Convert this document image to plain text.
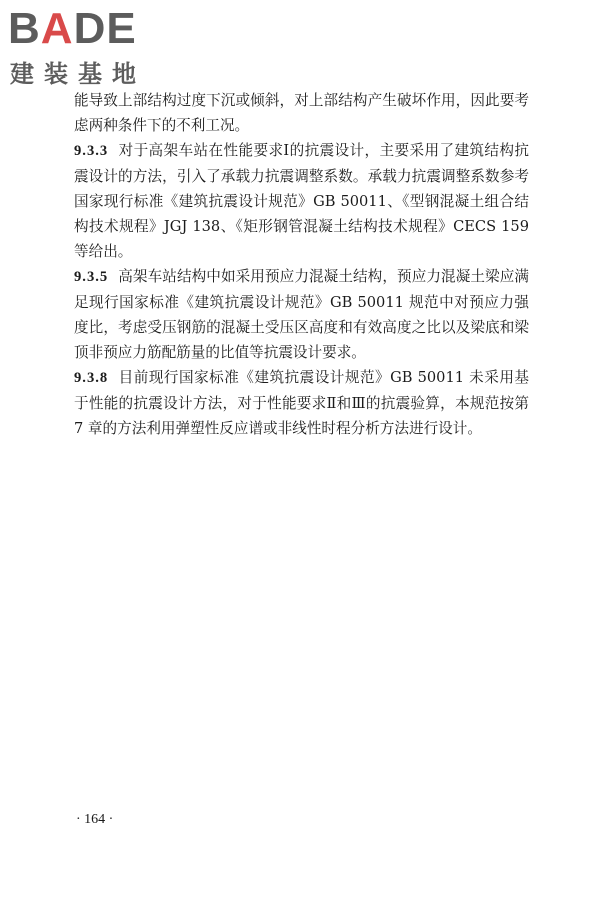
BADE
建装基地

能导致上部结构过度下沉或倾斜，对上部结构产生破坏作用，因此要考虑两种条件下的不利工况。

9.3.3 对于高架车站在性能要求Ⅰ的抗震设计，主要采用了建筑结构抗震设计的方法，引入了承载力抗震调整系数。承载力抗震调整系数参考国家现行标准《建筑抗震设计规范》GB 50011、《型钢混凝土组合结构技术规程》JGJ 138、《矩形钢管混凝土结构技术规程》CECS 159 等给出。

9.3.5 高架车站结构中如采用预应力混凝土结构，预应力混凝土梁应满足现行国家标准《建筑抗震设计规范》GB 50011 规范中对预应力强度比，考虑受压钢筋的混凝土受压区高度和有效高度之比以及梁底和梁顶非预应力筋配筋量的比值等抗震设计要求。

9.3.8 目前现行国家标准《建筑抗震设计规范》GB 50011 未采用基于性能的抗震设计方法，对于性能要求Ⅱ和Ⅲ的抗震验算，本规范按第 7 章的方法利用弹塑性反应谱或非线性时程分析方法进行设计。

· 164 ·
